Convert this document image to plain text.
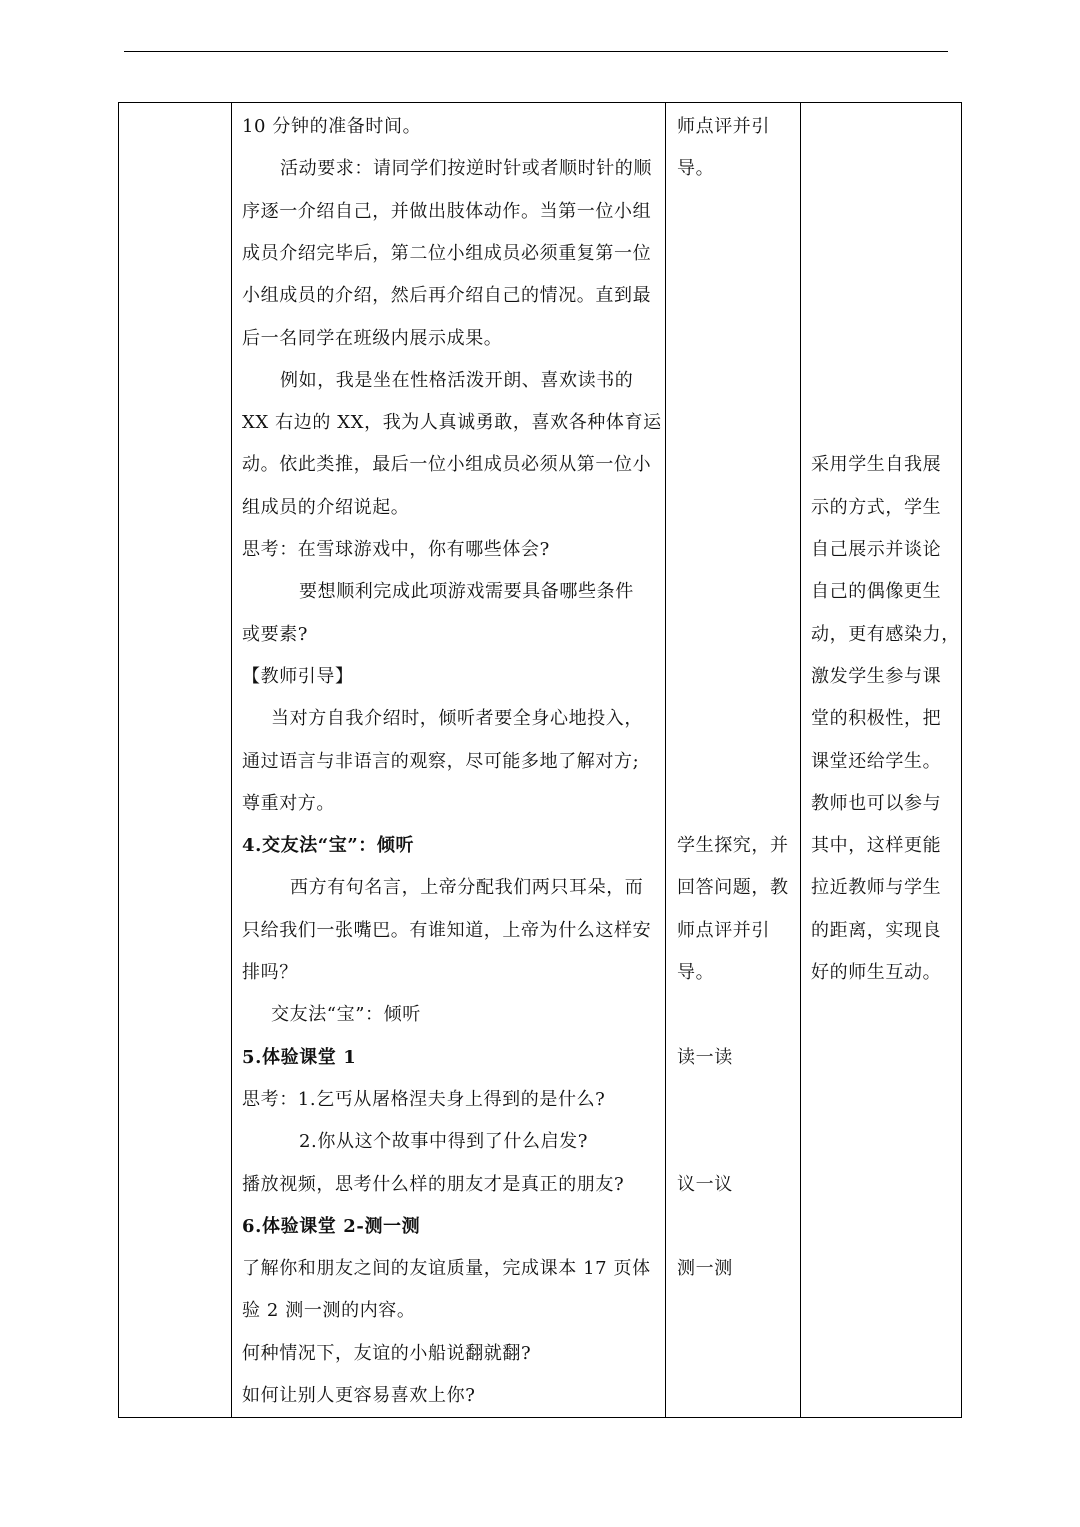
10 分钟的准备时间。
活动要求：请同学们按逆时针或者顺时针的顺
序逐一介绍自己，并做出肢体动作。当第一位小组
成员介绍完毕后，第二位小组成员必须重复第一位
小组成员的介绍，然后再介绍自己的情况。直到最
后一名同学在班级内展示成果。
例如，我是坐在性格活泼开朗、喜欢读书的
XX 右边的 XX，我为人真诚勇敢，喜欢各种体育运
动。依此类推，最后一位小组成员必须从第一位小
组成员的介绍说起。
思考：在雪球游戏中，你有哪些体会?
要想顺利完成此项游戏需要具备哪些条件
或要素?
【教师引导】
当对方自我介绍时，倾听者要全身心地投入，
通过语言与非语言的观察，尽可能多地了解对方;
尊重对方。
4.交友法“宝”：倾听
西方有句名言，上帝分配我们两只耳朵，而
只给我们一张嘴巴。有谁知道，上帝为什么这样安
排吗？
交友法“宝”：倾听
5.体验课堂 1
思考：1.乞丐从屠格涅夫身上得到的是什么?
2.你从这个故事中得到了什么启发?
播放视频，思考什么样的朋友才是真正的朋友?
6.体验课堂 2-测一测
了解你和朋友之间的友谊质量，完成课本 17 页体
验 2 测一测的内容。
何种情况下，友谊的小船说翻就翻?
如何让别人更容易喜欢上你?
师点评并引
导。
学生探究，并
回答问题，教
师点评并引
导。
读一读
议一议
测一测
采用学生自我展
示的方式，学生
自己展示并谈论
自己的偶像更生
动，更有感染力，
激发学生参与课
堂的积极性，把
课堂还给学生。
教师也可以参与
其中，这样更能
拉近教师与学生
的距离，实现良
好的师生互动。
